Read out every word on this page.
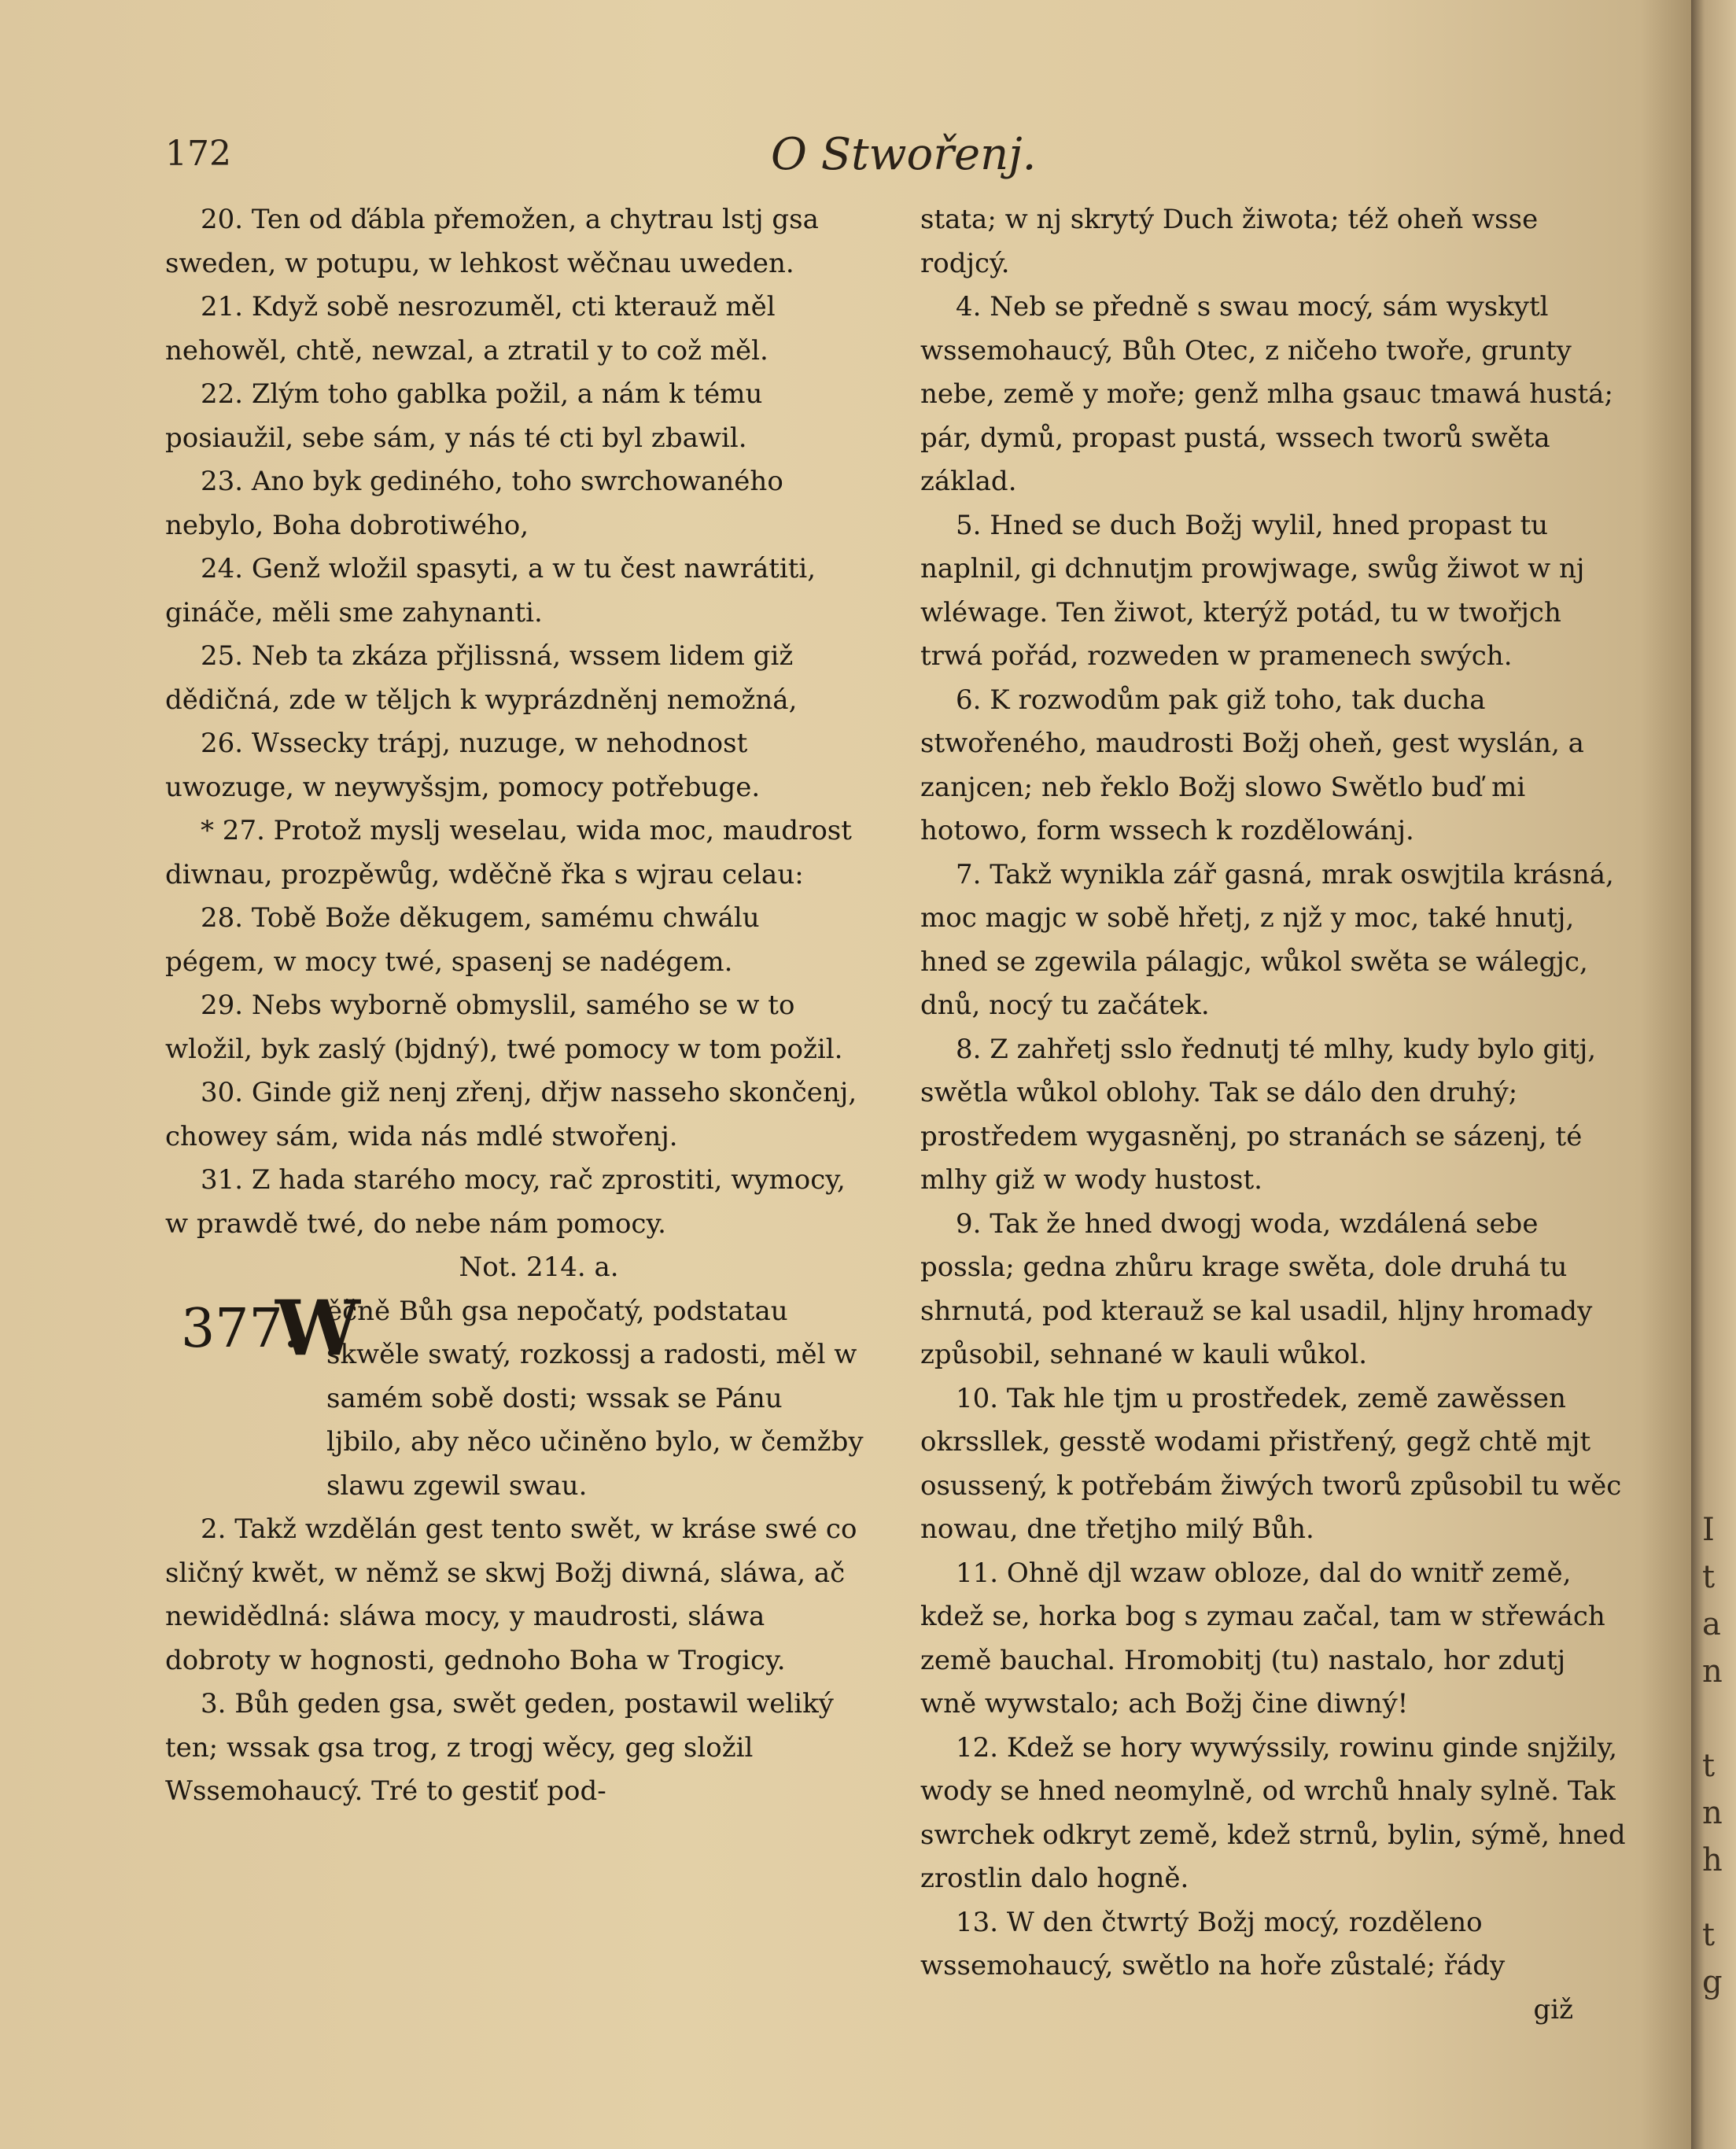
172	O Stwořenj.

20. Ten od ďábla přemožen, a chytrau lstj gsa sweden, w potupu, w lehkost wěčnau uweden.

21. Když sobě nesrozuměl, cti kterauž měl nehowěl, chtě, newzal, a ztratil y to což měl.

22. Zlým toho gablka požil, a nám k tému posiaužil, sebe sám, y nás té cti byl zbawil.

23. Ano byk gediného, toho swrchowaného nebylo, Boha dobrotiwého,

24. Genž wložil spasyti, a w tu čest nawrátiti, gináče, měli sme zahynanti.

25. Neb ta zkáza přjlissná, wssem lidem giž dědičná, zde w těljch k wyprázdněnj nemožná,

26. Wssecky trápj, nuzuge, w nehodnost uwozuge, w neywyšsjm, pomocy potřebuge.

* 27. Protož myslj weselau, wida moc, maudrost diwnau, prozpěwůg, wděčně řka s wjrau celau:

28. Tobě Bože děkugem, samému chwálu pégem, w mocy twé, spasenj se nadégem.

29. Nebs wyborně obmyslil, samého se w to wložil, byk zaslý (bjdný), twé pomocy w tom požil.

30. Ginde giž nenj zřenj, dřjw nasseho skončenj, chowey sám, wida nás mdlé stwořenj.

31. Z hada starého mocy, rač zprostiti, wymocy, w prawdě twé, do nebe nám pomocy.

Not. 214. a.

377.
W
ěčně Bůh gsa nepočatý, podstatau skwěle swatý, rozkossj a radosti, měl w samém sobě dosti; wssak se Pánu ljbilo, aby něco učiněno bylo, w čemžby slawu zgewil swau.

2. Takž wzdělán gest tento swět, w kráse swé co sličný kwět, w němž se skwj Božj diwná, sláwa, ač newidědlná: sláwa mocy, y maudrosti, sláwa dobroty w hognosti, gednoho Boha w Trogicy.

3. Bůh geden gsa, swět geden, postawil weliký ten; wssak gsa trog, z trogj wěcy, geg složil Wssemohaucý. Tré to gestiť pod-

stata; w nj skrytý Duch žiwota; též oheň wsse rodjcý.

4. Neb se předně s swau mocý, sám wyskytl wssemohaucý, Bůh Otec, z ničeho twoře, grunty nebe, země y moře; genž mlha gsauc tmawá hustá; pár, dymů, propast pustá, wssech tworů swěta základ.

5. Hned se duch Božj wylil, hned propast tu naplnil, gi dchnutjm prowjwage, swůg žiwot w nj wléwage. Ten žiwot, kterýž potád, tu w twořjch trwá pořád, rozweden w pramenech swých.

6. K rozwodům pak giž toho, tak ducha stwořeného, maudrosti Božj oheň, gest wyslán, a zanjcen; neb řeklo Božj slowo Swětlo buď mi hotowo, form wssech k rozdělowánj.

7. Takž wynikla zář gasná, mrak oswjtila krásná, moc magjc w sobě hřetj, z njž y moc, také hnutj, hned se zgewila pálagjc, wůkol swěta se wálegjc, dnů, nocý tu začátek.

8. Z zahřetj sslo řednutj té mlhy, kudy bylo gitj, swětla wůkol oblohy. Tak se dálo den druhý; prostředem wygasněnj, po stranách se sázenj, té mlhy giž w wody hustost.

9. Tak že hned dwogj woda, wzdálená sebe possla; gedna zhůru krage swěta, dole druhá tu shrnutá, pod kterauž se kal usadil, hljny hromady způsobil, sehnané w kauli wůkol.

10. Tak hle tjm u prostředek, země zawěssen okrssllek, gesstě wodami přistřený, gegž chtě mjt osussený, k potřebám žiwých tworů způsobil tu wěc nowau, dne třetjho milý Bůh.

11. Ohně djl wzaw obloze, dal do wnitř země, kdež se, horka bog s zymau začal, tam w střewách země bauchal. Hromobitj (tu) nastalo, hor zdutj wně wywstalo; ach Božj čine diwný!

12. Kdež se hory wywýssily, rowinu ginde snjžily, wody se hned neomylně, od wrchů hnaly sylně. Tak swrchek odkryt země, kdež strnů, bylin, sýmě, hned zrostlin dalo hogně.

13. W den čtwrtý Božj mocý, rozděleno wssemohaucý, swětlo na hoře zůstalé; řády

giž

I
t
a
n
t
n
h
t
g
